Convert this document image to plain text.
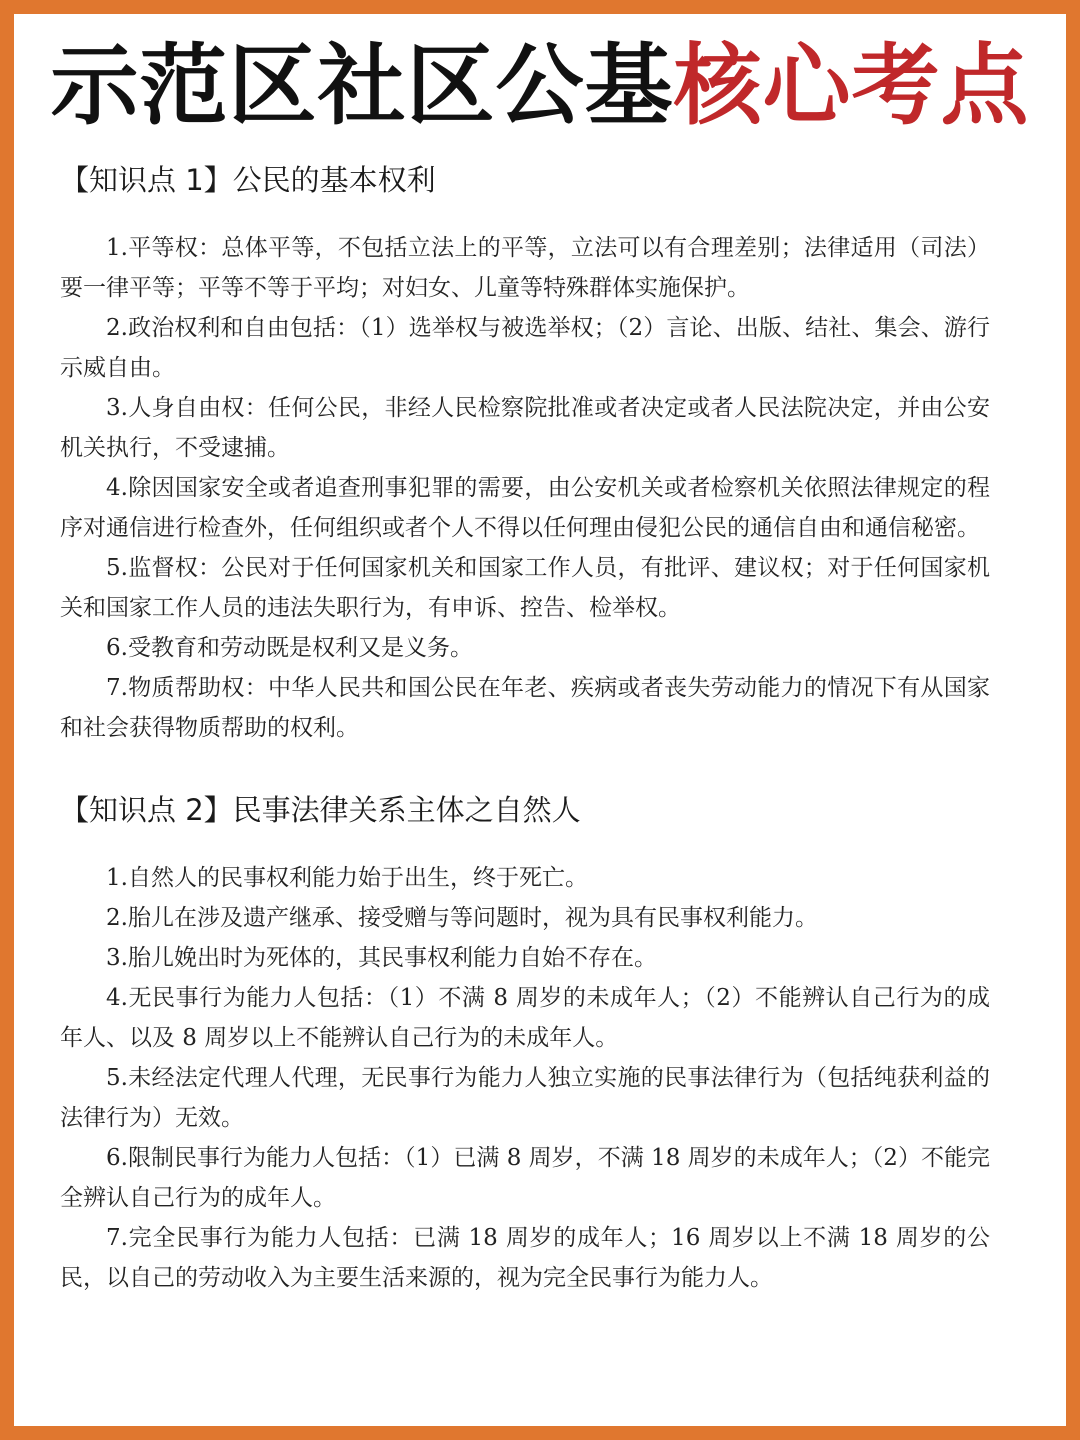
示范区社区公基核心考点

【知识点 1】公民的基本权利

1.平等权：总体平等，不包括立法上的平等，立法可以有合理差别；法律适用（司法）要一律平等；平等不等于平均；对妇女、儿童等特殊群体实施保护。

2.政治权利和自由包括：（1）选举权与被选举权；（2）言论、出版、结社、集会、游行示威自由。

3.人身自由权：任何公民，非经人民检察院批准或者决定或者人民法院决定，并由公安机关执行，不受逮捕。

4.除因国家安全或者追查刑事犯罪的需要，由公安机关或者检察机关依照法律规定的程序对通信进行检查外，任何组织或者个人不得以任何理由侵犯公民的通信自由和通信秘密。

5.监督权：公民对于任何国家机关和国家工作人员，有批评、建议权；对于任何国家机关和国家工作人员的违法失职行为，有申诉、控告、检举权。

6.受教育和劳动既是权利又是义务。

7.物质帮助权：中华人民共和国公民在年老、疾病或者丧失劳动能力的情况下有从国家和社会获得物质帮助的权利。

【知识点 2】民事法律关系主体之自然人

1.自然人的民事权利能力始于出生，终于死亡。

2.胎儿在涉及遗产继承、接受赠与等问题时，视为具有民事权利能力。

3.胎儿娩出时为死体的，其民事权利能力自始不存在。

4.无民事行为能力人包括：（1）不满 8 周岁的未成年人；（2）不能辨认自己行为的成年人、以及 8 周岁以上不能辨认自己行为的未成年人。

5.未经法定代理人代理，无民事行为能力人独立实施的民事法律行为（包括纯获利益的法律行为）无效。

6.限制民事行为能力人包括：（1）已满 8 周岁，不满 18 周岁的未成年人；（2）不能完全辨认自己行为的成年人。

7.完全民事行为能力人包括：已满 18 周岁的成年人；16 周岁以上不满 18 周岁的公民，以自己的劳动收入为主要生活来源的，视为完全民事行为能力人。
